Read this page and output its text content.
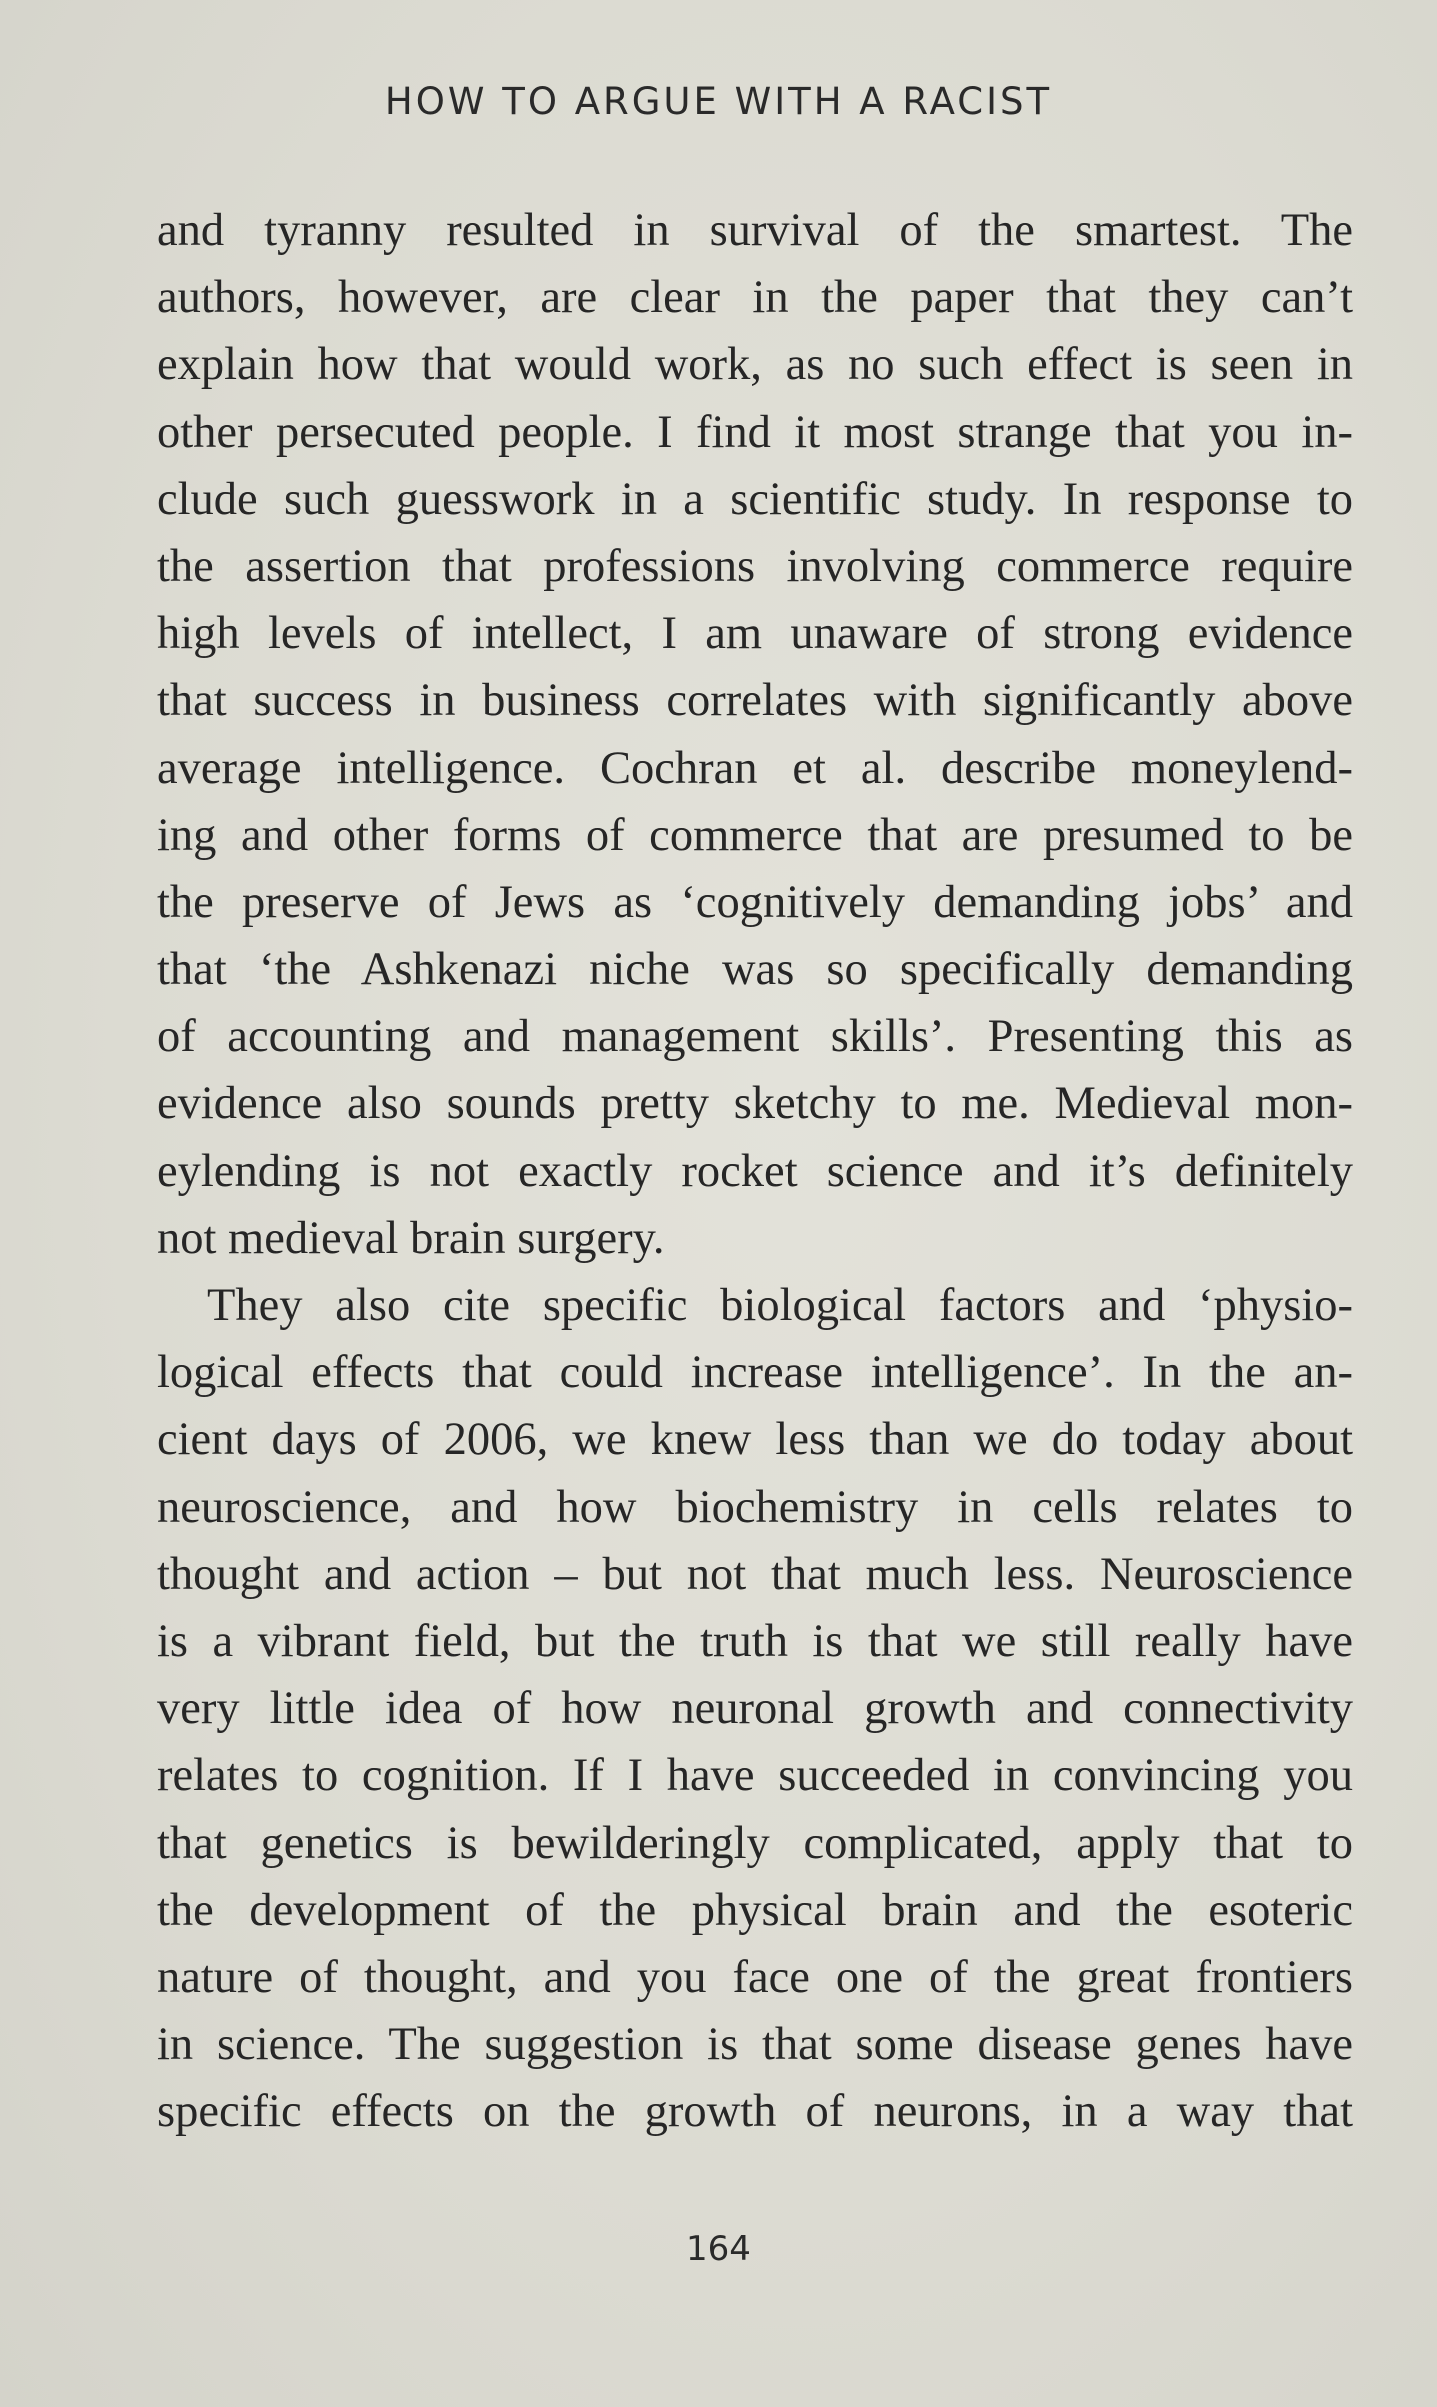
HOW TO ARGUE WITH A RACIST
and tyranny resulted in survival of the smartest. The
authors, however, are clear in the paper that they can’t
explain how that would work, as no such effect is seen in
other persecuted people. I find it most strange that you in-
clude such guesswork in a scientific study. In response to
the assertion that professions involving commerce require
high levels of intellect, I am unaware of strong evidence
that success in business correlates with significantly above
average intelligence. Cochran et al. describe moneylend-
ing and other forms of commerce that are presumed to be
the preserve of Jews as ‘cognitively demanding jobs’ and
that ‘the Ashkenazi niche was so specifically demanding
of accounting and management skills’. Presenting this as
evidence also sounds pretty sketchy to me. Medieval mon-
eylending is not exactly rocket science and it’s definitely
not medieval brain surgery.
They also cite specific biological factors and ‘physio-
logical effects that could increase intelligence’. In the an-
cient days of 2006, we knew less than we do today about
neuroscience, and how biochemistry in cells relates to
thought and action – but not that much less. Neuroscience
is a vibrant field, but the truth is that we still really have
very little idea of how neuronal growth and connectivity
relates to cognition. If I have succeeded in convincing you
that genetics is bewilderingly complicated, apply that to
the development of the physical brain and the esoteric
nature of thought, and you face one of the great frontiers
in science. The suggestion is that some disease genes have
specific effects on the growth of neurons, in a way that
164
